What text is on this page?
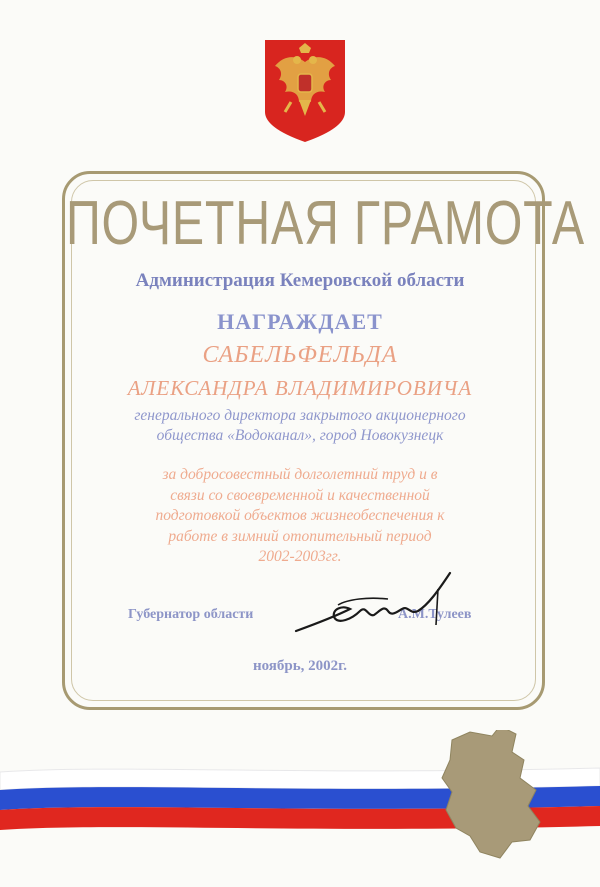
ПОЧЕТНАЯ ГРАМОТА
Администрация Кемеровской области
НАГРАЖДАЕТ
САБЕЛЬФЕЛЬДА
АЛЕКСАНДРА ВЛАДИМИРОВИЧА
генерального директора закрытого акционерного
общества «Водоканал», город Новокузнецк
за добросовестный долголетний труд и в
связи со своевременной и качественной
подготовкой объектов жизнеобеспечения к
работе в зимний отопительный период
2002-2003гг.
Губернатор области	А.М.Тулеев
ноябрь, 2002г.
